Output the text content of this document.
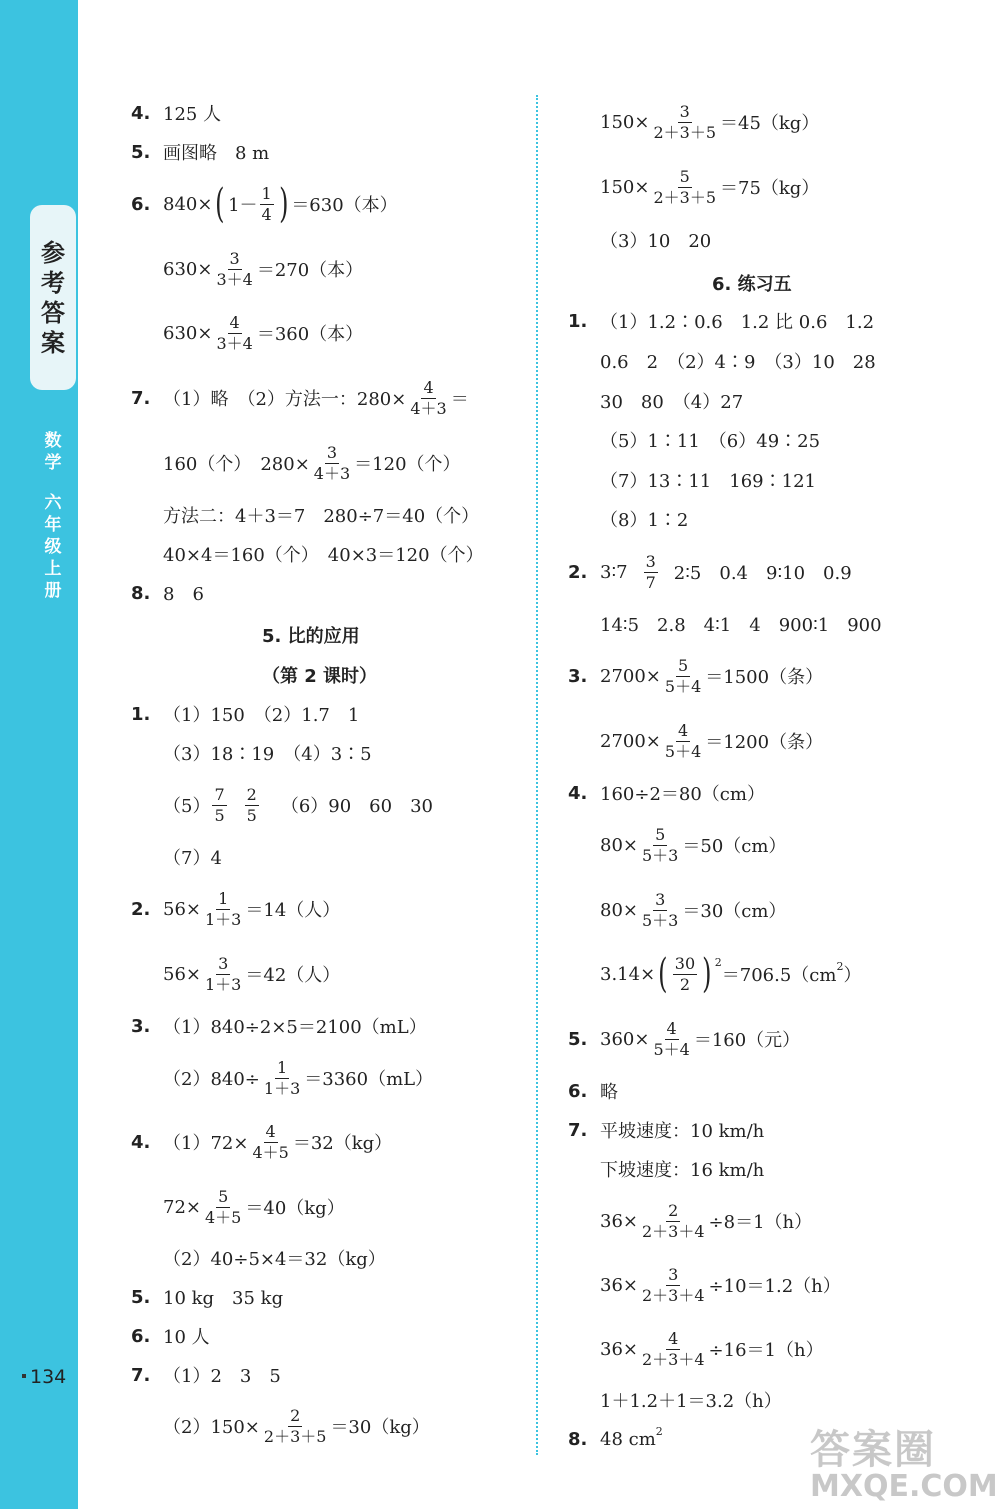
参
考
答
案
数
学
六
年
级
上
册
134
4. 125 人
5. 画图略　8 m
6. 840× ( $1- \frac{1}{4}$ ) ＝630（本）
$630\times \frac{3}{3+4} =270$（本）
$630\times \frac{4}{3+4} =360$（本）
7. （1）略　（2）方法一：$280\times \frac{4}{4+3}$ ＝
160（个）　$280\times \frac{3}{4+3} =120$（个）
方法二：4＋3＝7　280÷7＝40（个）
40×4＝160（个）　40×3＝120（个）
8. 8　6
5. 比的应用
（第 2 课时）
1. （1）150　（2）1.7　1
（3）18∶19　（4）3∶5
$(5) \frac{7}{5} \frac{2}{5} (6)90$　60　30
（7）4
2. $56\times \frac{1}{1+3} =14$（人）
$56\times \frac{3}{1+3} =42$（人）
3. （1）840÷2×5＝2100（mL）
$(2)840\div \frac{1}{1+3} =3360(mL)$
4. $(1)72\times \frac{4}{4+5} =32(kg)$
$72\times \frac{5}{4+5} =40(kg)$
（2）40÷5×4＝32（kg）
5. 10 kg　35 kg
6. 10 人
7. （1）2　3　5
$(2)150\times \frac{2}{2+3+5} =30(kg)$
$150\times \frac{3}{2+3+5} =45(kg)$
$150\times \frac{5}{2+3+5} =75(kg)$
（3）10　20
6. 练习五
1. （1）1.2∶0.6　1.2 比 0.6　1.2
0.6　2　（2）4∶9　（3）10　28
30　80　（4）27
（5）1∶11　（6）49∶25
（7）13∶11　169∶121
（8）1∶2
2. 3∶7 $\frac{3}{7}$ 2∶5　0.4　9∶10　0.9
14∶5　2.8　4∶1　4　900∶1　900
3. $2700\times \frac{5}{5+4} =1500$（条）
$2700\times \frac{4}{5+4} =1200$（条）
4. 160÷2＝80（cm）
$80\times \frac{5}{5+3} =50(cm)$
$80\times \frac{3}{5+3} =30(cm)$
3.14× ( $\frac{30}{2}$ ) $^2$
$=706.5(cm^2$ ）
5. $360\times \frac{4}{5+4} =160$（元）
6. 略
7. 平坡速度：10 km/h
下坡速度：16 km/h
$36\times \frac{2}{2+3+4} \div 8=1(h)$
$36\times \frac{3}{2+3+4} \div 10=1.2(h)$
$36\times \frac{4}{2+3+4} \div 16=1(h)$
1＋1.2＋1＝3.2（h）
8. 48 $cm^2$	答案圈
MXQE.COM
